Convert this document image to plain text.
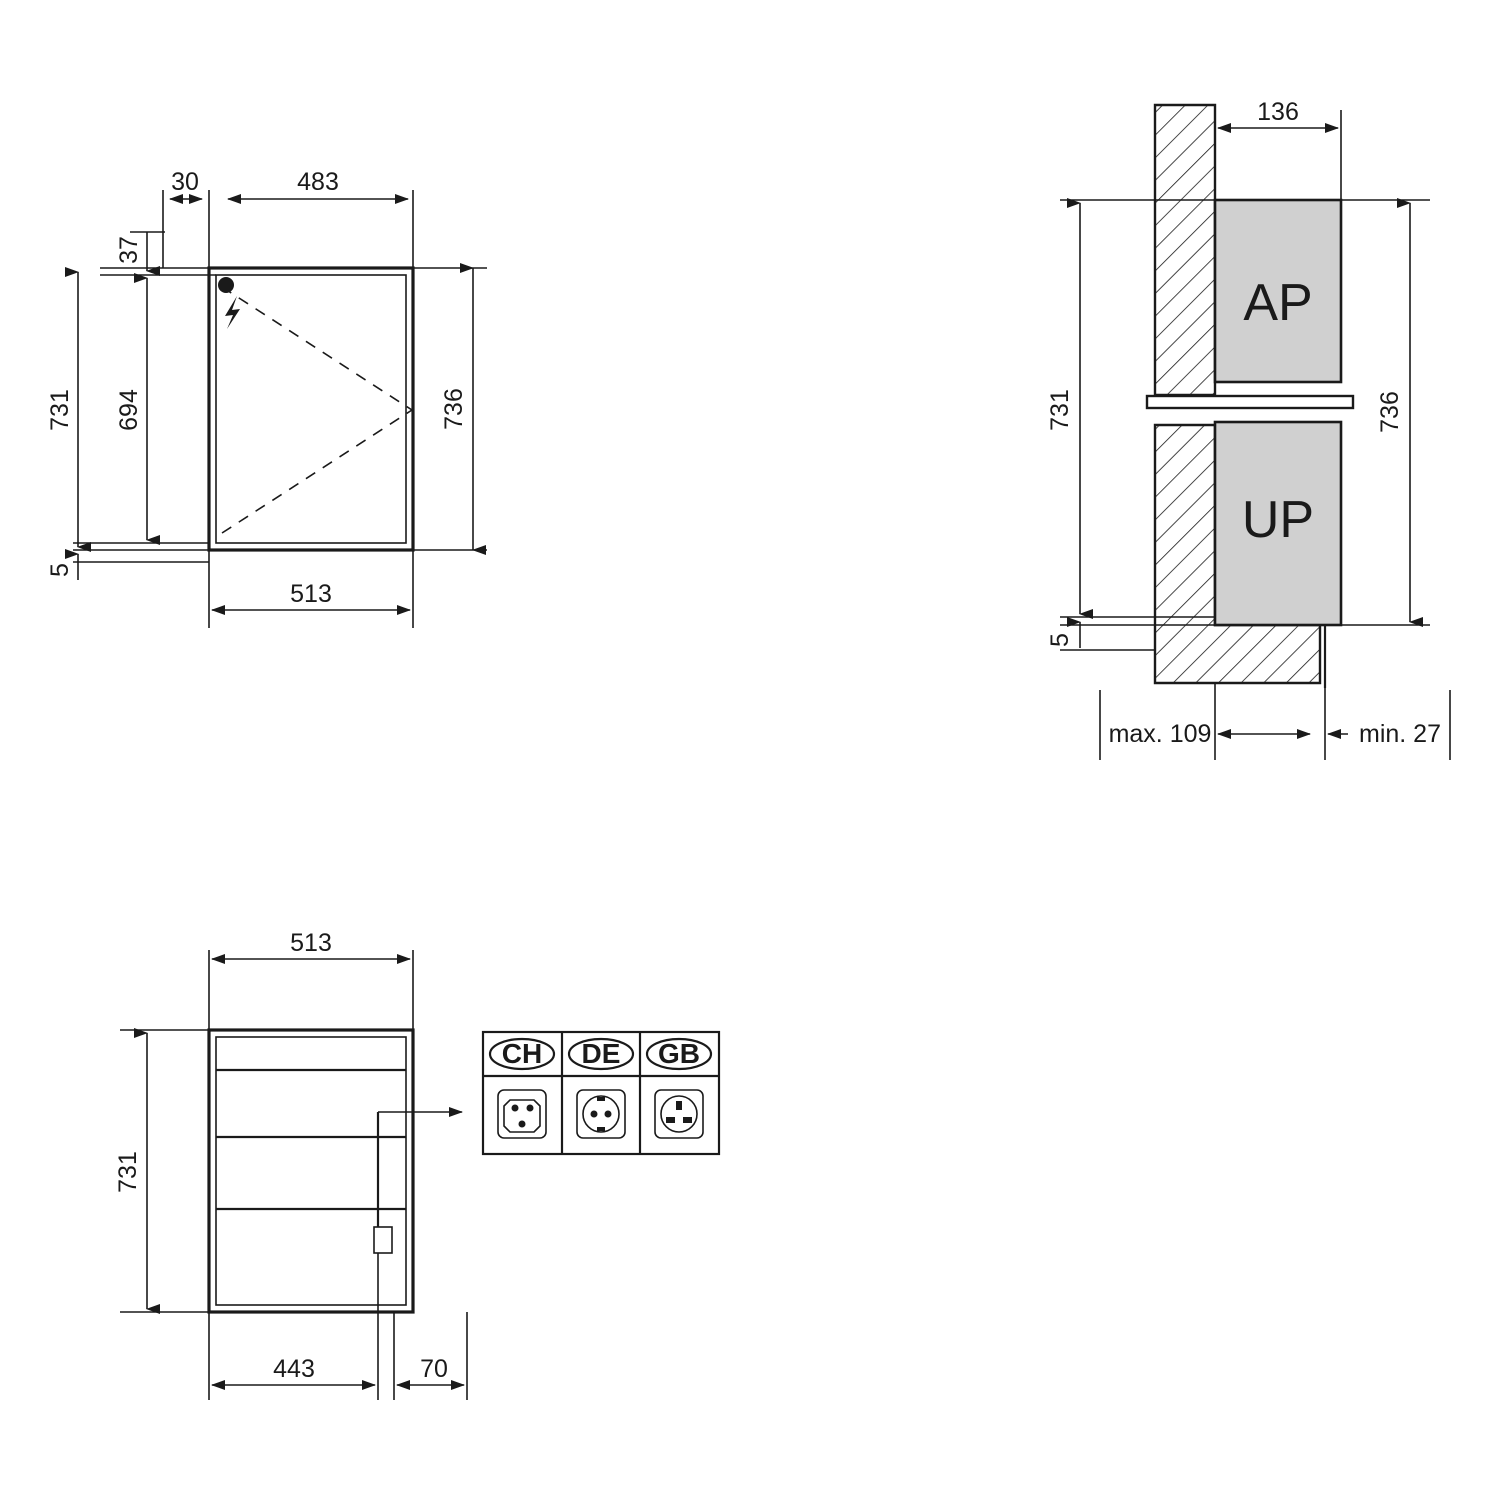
30	483
37
694
731
5
736
513
AP
UP
136
731
5
736
max. 109	min. 27
513
731
443	70
CH DE GB
